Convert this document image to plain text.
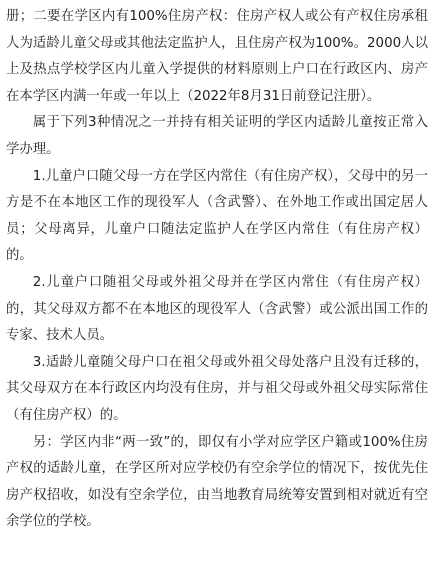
册；二要在学区内有100%住房产权：住房产权人或公有产权住房承租人为适龄儿童父母或其他法定监护人，且住房产权为100%。2000人以上及热点学校学区内儿童入学提供的材料原则上户口在行政区内、房产在本学区内满一年或一年以上（2022年8月31日前登记注册）。

属于下列3种情况之一并持有相关证明的学区内适龄儿童按正常入学办理。

1.儿童户口随父母一方在学区内常住（有住房产权），父母中的另一方是不在本地区工作的现役军人（含武警）、在外地工作或出国定居人员；父母离异，儿童户口随法定监护人在学区内常住（有住房产权）的。

2.儿童户口随祖父母或外祖父母并在学区内常住（有住房产权）的，其父母双方都不在本地区的现役军人（含武警）或公派出国工作的专家、技术人员。

3.适龄儿童随父母户口在祖父母或外祖父母处落户且没有迁移的，其父母双方在本行政区内均没有住房，并与祖父母或外祖父母实际常住（有住房产权）的。

另：学区内非“两一致”的，即仅有小学对应学区户籍或100%住房产权的适龄儿童，在学区所对应学校仍有空余学位的情况下，按优先住房产权招收，如没有空余学位，由当地教育局统筹安置到相对就近有空余学位的学校。
